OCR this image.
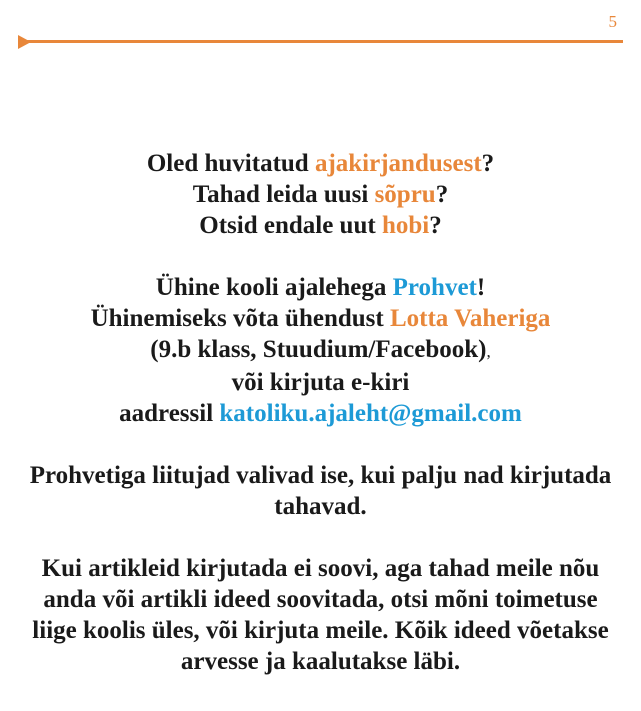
5

Oled huvitatud ajakirjandusest?
Tahad leida uusi sõpru?
Otsid endale uut hobi?

Ühine kooli ajalehega Prohvet!
Ühinemiseks võta ühendust Lotta Vaheriga
(9.b klass, Stuudium/Facebook),
või kirjuta e-kiri
aadressil katoliku.ajaleht@gmail.com

Prohvetiga liitujad valivad ise, kui palju nad kirjutada tahavad.

Kui artikleid kirjutada ei soovi, aga tahad meile nõu anda või artikli ideed soovitada, otsi mõni toimetuse liige koolis üles, või kirjuta meile. Kõik ideed võetakse arvesse ja kaalutakse läbi.
